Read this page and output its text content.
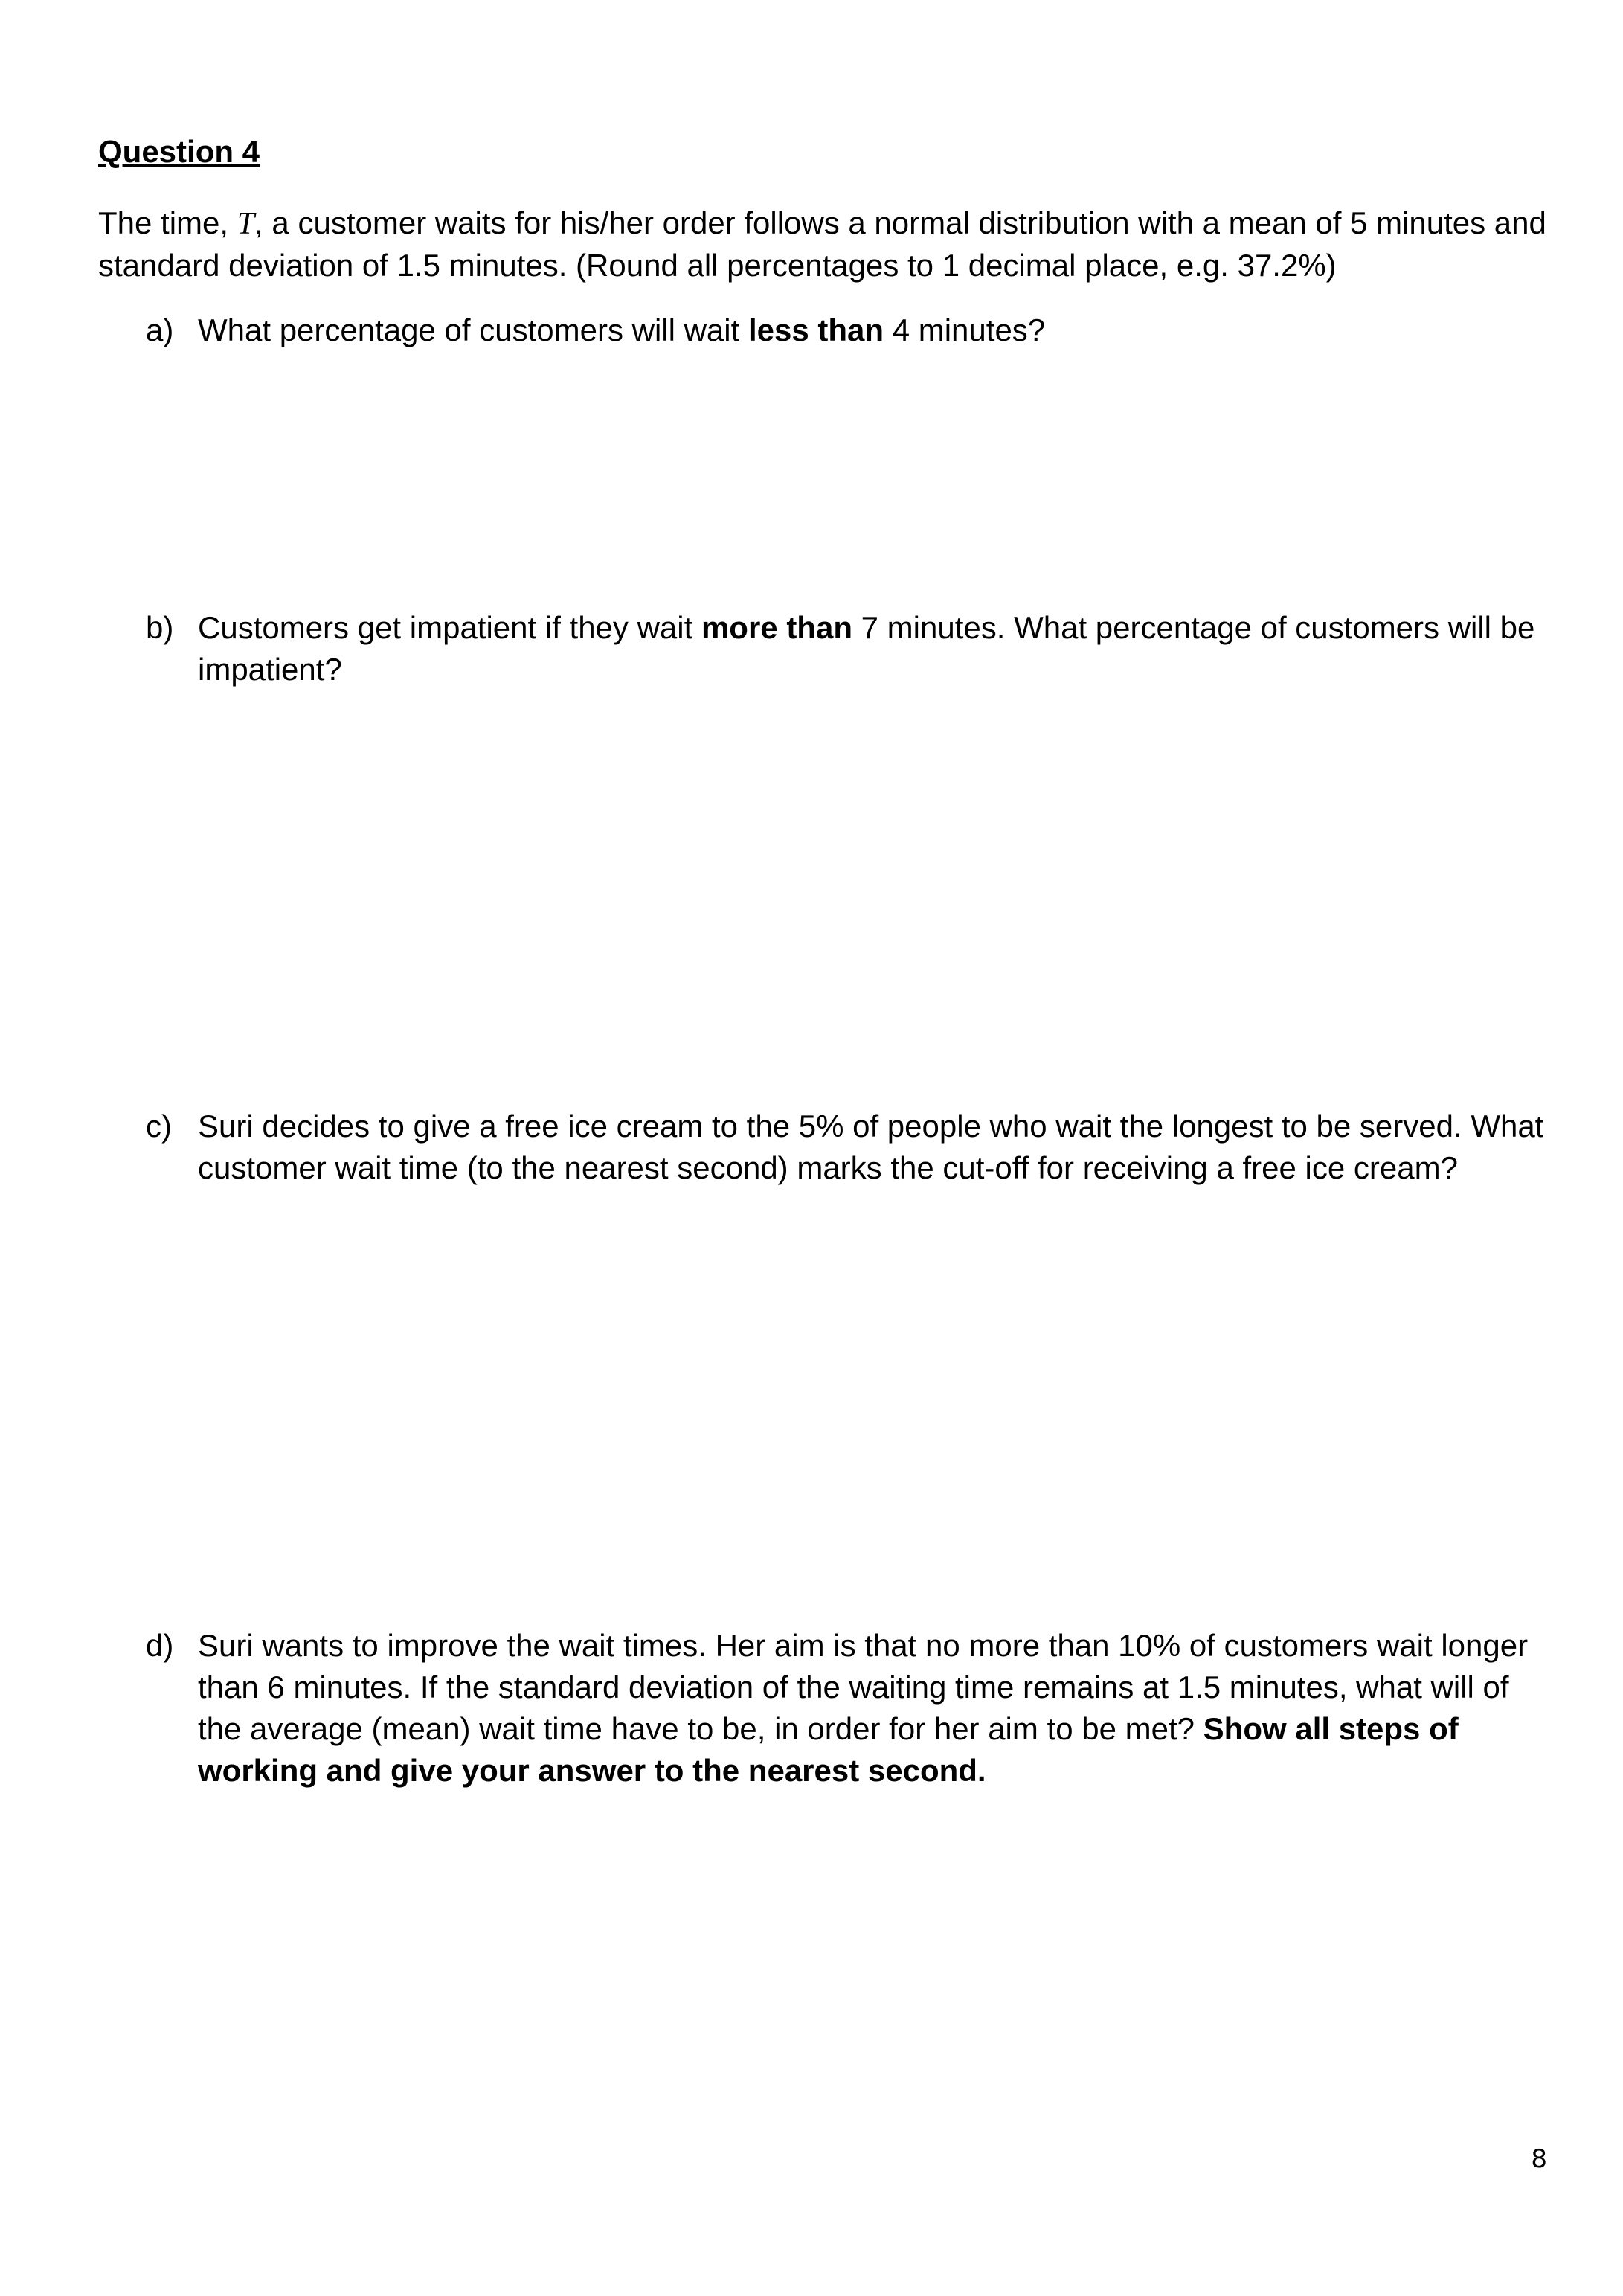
Question 4
The time, T, a customer waits for his/her order follows a normal distribution with a mean of 5 minutes and standard deviation of 1.5 minutes. (Round all percentages to 1 decimal place, e.g. 37.2%)
a) What percentage of customers will wait less than 4 minutes?
b) Customers get impatient if they wait more than 7 minutes. What percentage of customers will be impatient?
c) Suri decides to give a free ice cream to the 5% of people who wait the longest to be served. What customer wait time (to the nearest second) marks the cut-off for receiving a free ice cream?
d) Suri wants to improve the wait times. Her aim is that no more than 10% of customers wait longer than 6 minutes. If the standard deviation of the waiting time remains at 1.5 minutes, what will of the average (mean) wait time have to be, in order for her aim to be met? Show all steps of working and give your answer to the nearest second.
8
